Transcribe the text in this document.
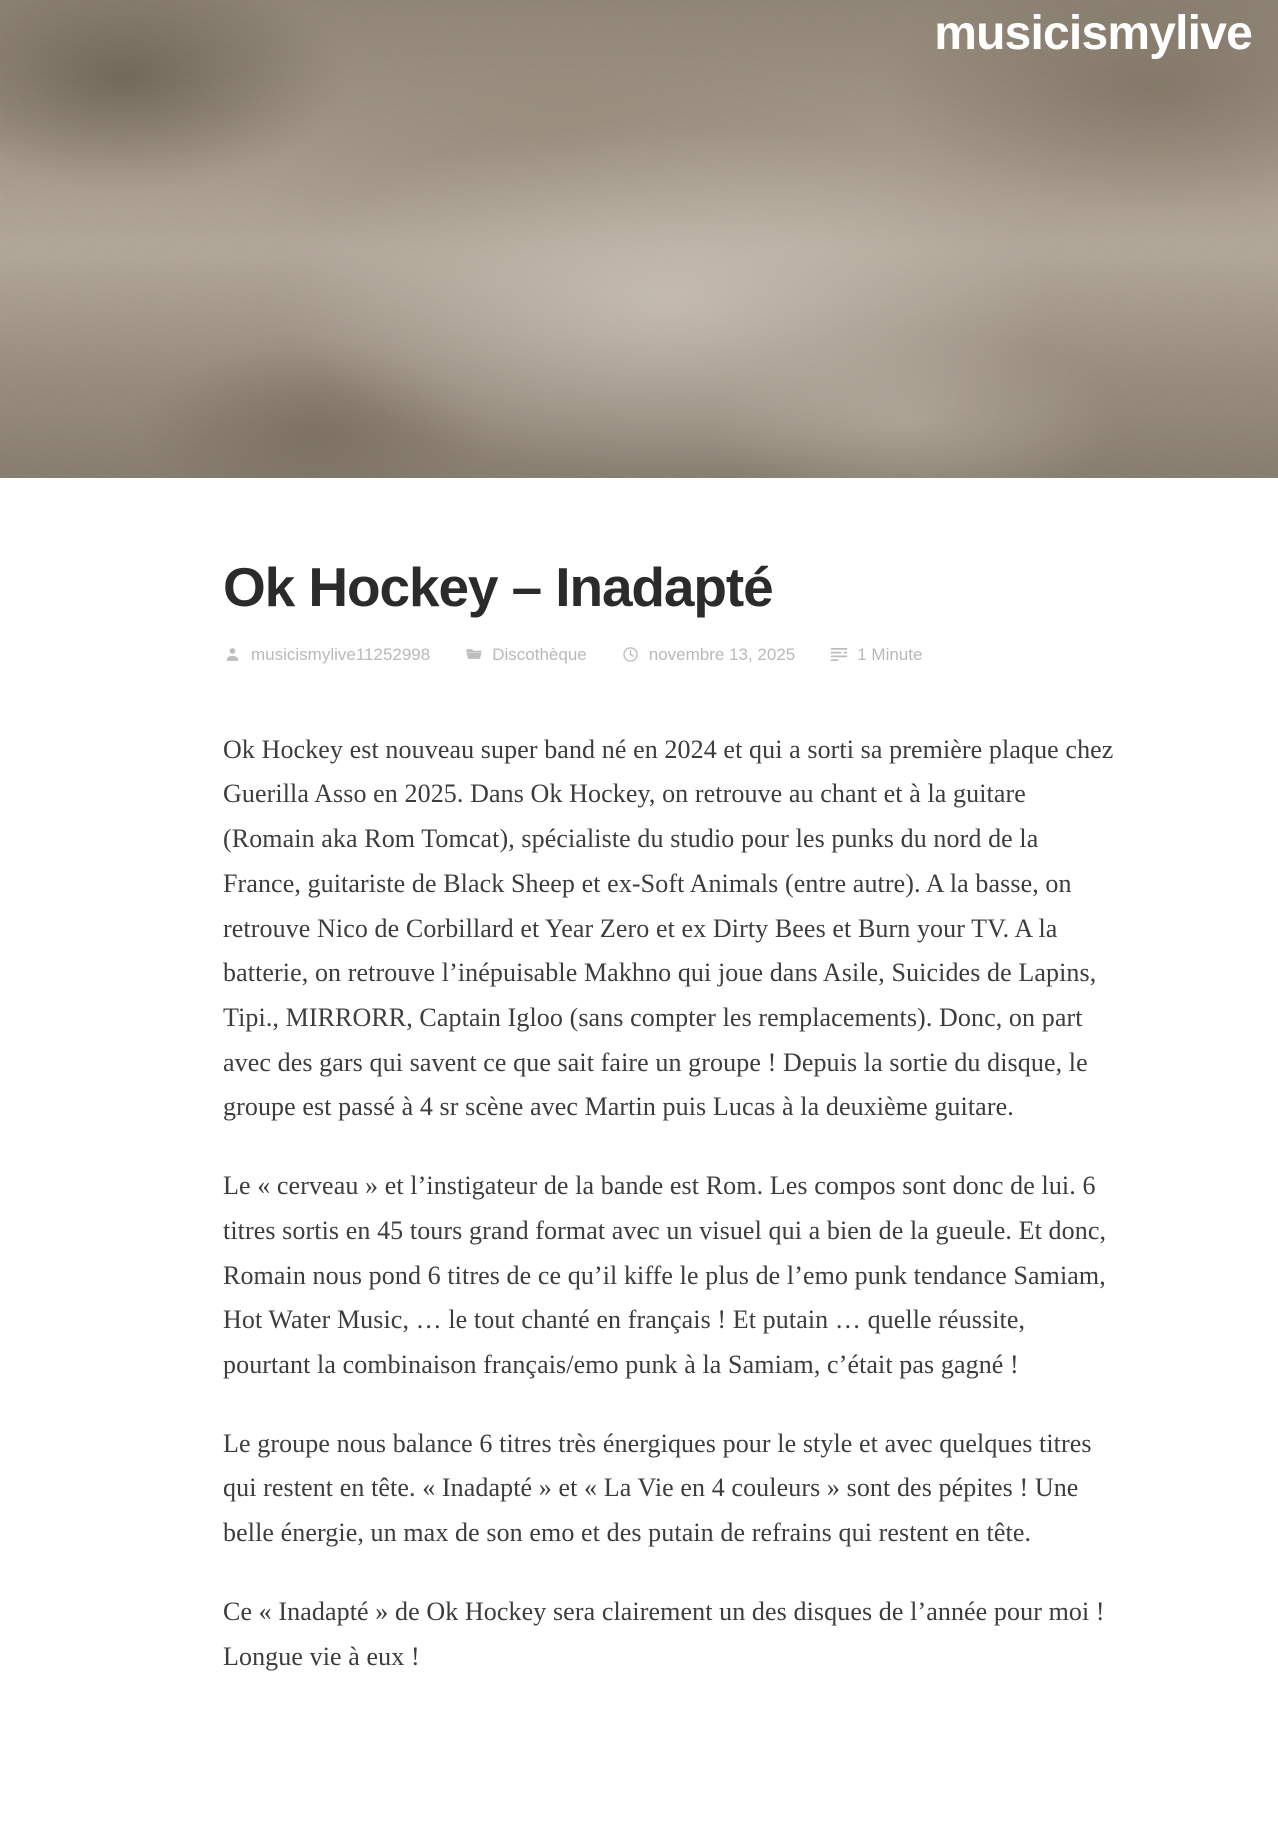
musicismylive
Ok Hockey – Inadapté
musicismylive11252998	Discothèque	novembre 13, 2025	1 Minute

Ok Hockey est nouveau super band né en 2024 et qui a sorti sa première plaque chez Guerilla Asso en 2025. Dans Ok Hockey, on retrouve au chant et à la guitare (Romain aka Rom Tomcat), spécialiste du studio pour les punks du nord de la France, guitariste de Black Sheep et ex-Soft Animals (entre autre). A la basse, on retrouve Nico de Corbillard et Year Zero et ex Dirty Bees et Burn your TV. A la batterie, on retrouve l’inépuisable Makhno qui joue dans Asile, Suicides de Lapins, Tipi., MIRRORR, Captain Igloo (sans compter les remplacements). Donc, on part avec des gars qui savent ce que sait faire un groupe ! Depuis la sortie du disque, le groupe est passé à 4 sr scène avec Martin puis Lucas à la deuxième guitare.

Le « cerveau » et l’instigateur de la bande est Rom. Les compos sont donc de lui. 6 titres sortis en 45 tours grand format avec un visuel qui a bien de la gueule. Et donc, Romain nous pond 6 titres de ce qu’il kiffe le plus de l’emo punk tendance Samiam, Hot Water Music, … le tout chanté en français ! Et putain … quelle réussite, pourtant la combinaison français/emo punk à la Samiam, c’était pas gagné !

Le groupe nous balance 6 titres très énergiques pour le style et avec quelques titres qui restent en tête. « Inadapté » et « La Vie en 4 couleurs » sont des pépites ! Une belle énergie, un max de son emo et des putain de refrains qui restent en tête.

Ce « Inadapté » de Ok Hockey sera clairement un des disques de l’année pour moi ! Longue vie à eux !
